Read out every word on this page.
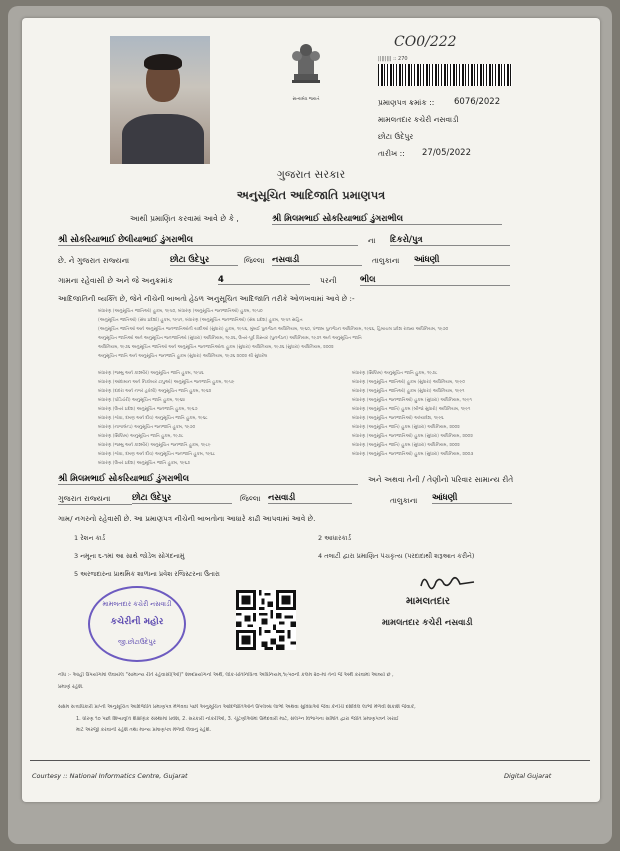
સત્યમેવ જયતે
CO0/222
|||||||| :: 270
પ્રમાણપત્ર ક્રમાંક :: 6076/2022
મામલતદાર કચેરી નસવાડી
છોટા ઉદેપુર
તારીખ :: 27/05/2022
ગુજરાત સરકાર
અનુસૂચિત આદિજાતિ પ્રમાણપત્ર
આથી પ્રમાણિત કરવામાં આવે છે કે ,	શ્રી મિલમભાઈ સોકરિયાભાઈ ડુંગરાભીલ
શ્રી સોકરિયાભાઈ છેલીયાભાઈ ડુંગરાભીલ	ના દિકરો/પુત્ર
છે. ને ગુજરાત રાજ્યના	છોટા ઉદેપુર	જિલ્લા નસવાડી	તાલુકાના આંધણી
ગામના રહેવાસી છે અને જે અનુક્રમાંક	4	પરની	ભીલ
આદિજાતિની વ્યક્તિ છે, જેને નીચેની બાબતો હેઠળ અનુસૂચિત આદિજાતિ તરીકે ઓળખવામાં આવે છે :-
બંધારણ (અનુસૂચિત જાતિઓ) હુકમ, ૧૯૫૦, બંધારણ (અનુસૂચિત જનજાતિઓ) હુકમ, ૧૯૫૦
(અનુસૂચિત જાતિઓ) (સંઘ પ્રદેશો) હુકમ, ૧૯૫૧, બંધારણ (અનુસૂચિત જનજાતિઓ) (સંઘ પ્રદેશ) હુકમ, ૧૯૫૧ સહિત
(અનુસૂચિત જાતિઓ અને અનુસૂચિત જનજાતિઓની યાદીઓ (સુધારા) હુકમ, ૧૯૫૬, મુંબઈ પુનર્ગઠન અધિનિયમ, ૧૯૬૦, પંજાબ પુનર્ગઠન અધિનિયમ, ૧૯૬૬, હિમાચલ પ્રદેશ રાજ્ય અધિનિયમ, ૧૯૭૦
અનુસૂચિત જાતિઓ અને અનુસૂચિત જનજાતિઓ (સુધારા) અધિનિયમ, ૧૯૭૬, ઉત્તર-પૂર્વ વિસ્તાર (પુનર્ગઠન) અધિનિયમ, ૧૯૭૧ અને અનુસૂચિત જાતિ
અધિનિયમ, ૧૯૭૬ અનુસૂચિત જાતિઓ અને અનુસૂચિત જનજાતિઓના હુકમ (સુધારા) અધિનિયમ, ૧૯૭૬ (સુધારા) અધિનિયમ, ૨૦૦૨
અનુસૂચિત જાતિ અને અનુસૂચિત જનજાતિ હુકમ (સુધારા) અધિનિયમ, ૧૯૭૬ ૨૦૦૨ થી સુધારેલ
બંધારણ (જમ્મુ અને કાશ્મીર) અનુસૂચિત જાતિ હુકમ, ૧૯૫૬
બંધારણ (આંદામાન અને નિકોબાર ટાપુઓ) અનુસૂચિત જનજાતિ હુકમ, ૧૯૫૯
બંધારણ (દાદરા અને નગર હવેલી) અનુસૂચિત જાતિ હુકમ, ૧૯૬૨
બંધારણ (પોંડિચેરી) અનુસૂચિત જાતિ હુકમ, ૧૯૬૪
બંધારણ (ઉત્તર પ્રદેશ) અનુસૂચિત જનજાતિ હુકમ, ૧૯૬૭
બંધારણ (ગોવા, દમણ અને દીવ) અનુસૂચિત જાતિ હુકમ, ૧૯૬૮
બંધારણ (નાગાલેન્ડ) અનુસૂચિત જનજાતિ હુકમ, ૧૯૭૦
બંધારણ (સિક્કિમ) અનુસૂચિત જાતિ હુકમ, ૧૯૭૮
બંધારણ (જમ્મુ અને કાશ્મીર) અનુસૂચિત જનજાતિ હુકમ, ૧૯૮૯
બંધારણ (ગોવા, દમણ અને દીવ) અનુસૂચિત જનજાતિ હુકમ, ૧૯૬૮
બંધારણ (ઉત્તર પ્રદેશ) અનુસૂચિત જાતિ હુકમ, ૧૯૬૭
બંધારણ (સિક્કિમ) અનુસૂચિત જાતિ હુકમ, ૧૯૭૮
બંધારણ (અનુસૂચિત જાતિઓ) હુકમ (સુધારા) અધિનિયમ, ૧૯૯૦
બંધારણ (અનુસૂચિત જાતિઓ) હુકમ (સુધારા) અધિનિયમ, ૧૯૯૧
બંધારણ (અનુસૂચિત જનજાતિઓ) હુકમ (સુધારા) અધિનિયમ, ૧૯૯૧
બંધારણ (અનુસૂચિત જાતિ) હુકમ (બીજો સુધારો) અધિનિયમ, ૧૯૯૧
બંધારણ (અનુસૂચિત જનજાતિઓ) અધ્યાદેશ, ૧૯૯૬
બંધારણ (અનુસૂચિત જાતિ) હુકમ (સુધારા) અધિનિયમ, ૨૦૦૨
બંધારણ (અનુસૂચિત જનજાતિઓ) હુકમ (સુધારા) અધિનિયમ, ૨૦૦૨
બંધારણ (અનુસૂચિત જાતિ) હુકમ (સુધારા) અધિનિયમ, ૨૦૦૨
બંધારણ (અનુસૂચિત જનજાતિઓ) હુકમ (સુધારા) અધિનિયમ, ૨૦૦૩
શ્રી મિલમભાઈ સોકરિયાભાઈ ડુંગરાભીલ	અને અથવા તેની / તેણીનો પરિવાર સામાન્ય રીતે
ગુજરાત રાજ્યના	છોટા ઉદેપુર	જિલ્લા નસવાડી	તાલુકાના આંધણી
ગામ/ નગરનો રહેવાસી છે. આ પ્રમાણપત્ર નીચેની બાબતોના આધારે કાઢી આપવામાં આવે છે.
1 રેશન કાર્ડ	2 આધારકાર્ડ
3 નમૂના ૬-૧માં આ સાથે જોડેલ સોગંદનામું	4 તલાટી દ્વારા પ્રમાણિત પંચકૃત્ય (પરદાદાથી શરૂઆત કરીને)
5 અરજદારના પ્રાથમિક શાળાના પ્રવેશ રજિસ્ટરના ઉતારા
મામલતદાર કચેરી નસવાડી
કચેરીની મહોર
જી.છોટાઉદેપુર
મામલતદાર
મામલતદાર કચેરી નસવાડી
નોંધ :- આહીં ઉપયોગમાં લેવાયેલ "સામાન્ય રીતે રહેવાસી(ઓ)" શબ્દપ્રયોગનો અર્થ, લોક-પ્રતિનિધિત્વ અધિનિયમ,૧૯૫૦ની કલમ ૨૦-માં તેનો જે અર્થ કરવામાં આવ્યો છે ,
પ્રમાણે રહેશે.
સક્ષમ સત્તાધિકારી પ્રાપ્તી અનુસૂચિત આદિજાતિ પ્રમાણપત્ર મેળવવા પછી અનુસૂચિત આદિજાતિઓને ઉપલબ્ધ લાભો અથવા સુવિધાઓ જેવા કેનીચે દર્શાવેલ લાભો મેળવી શકાશે જેવાકે,
1. ધોરણ ૧૦ પછી શિષ્યવૃત્તિ શૈક્ષણિક સંસ્થામાં પ્રવેશ, 2. સરકારી નોકરીઓ, 3. ચૂંટણીઓમાં ઉમેદવારી માટે, સંલગ્ન વિભાગના સમિતિ દ્વારા જાતિ પ્રમાણપત્રને ખરાઈ
માટે અરજી કરવાની રહેશે તથા માન્ય પ્રમાણપત્ર મેળવી લેવાનું રહેશે.
Courtesy :: National Informatics Centre, Gujarat	Digital Gujarat
